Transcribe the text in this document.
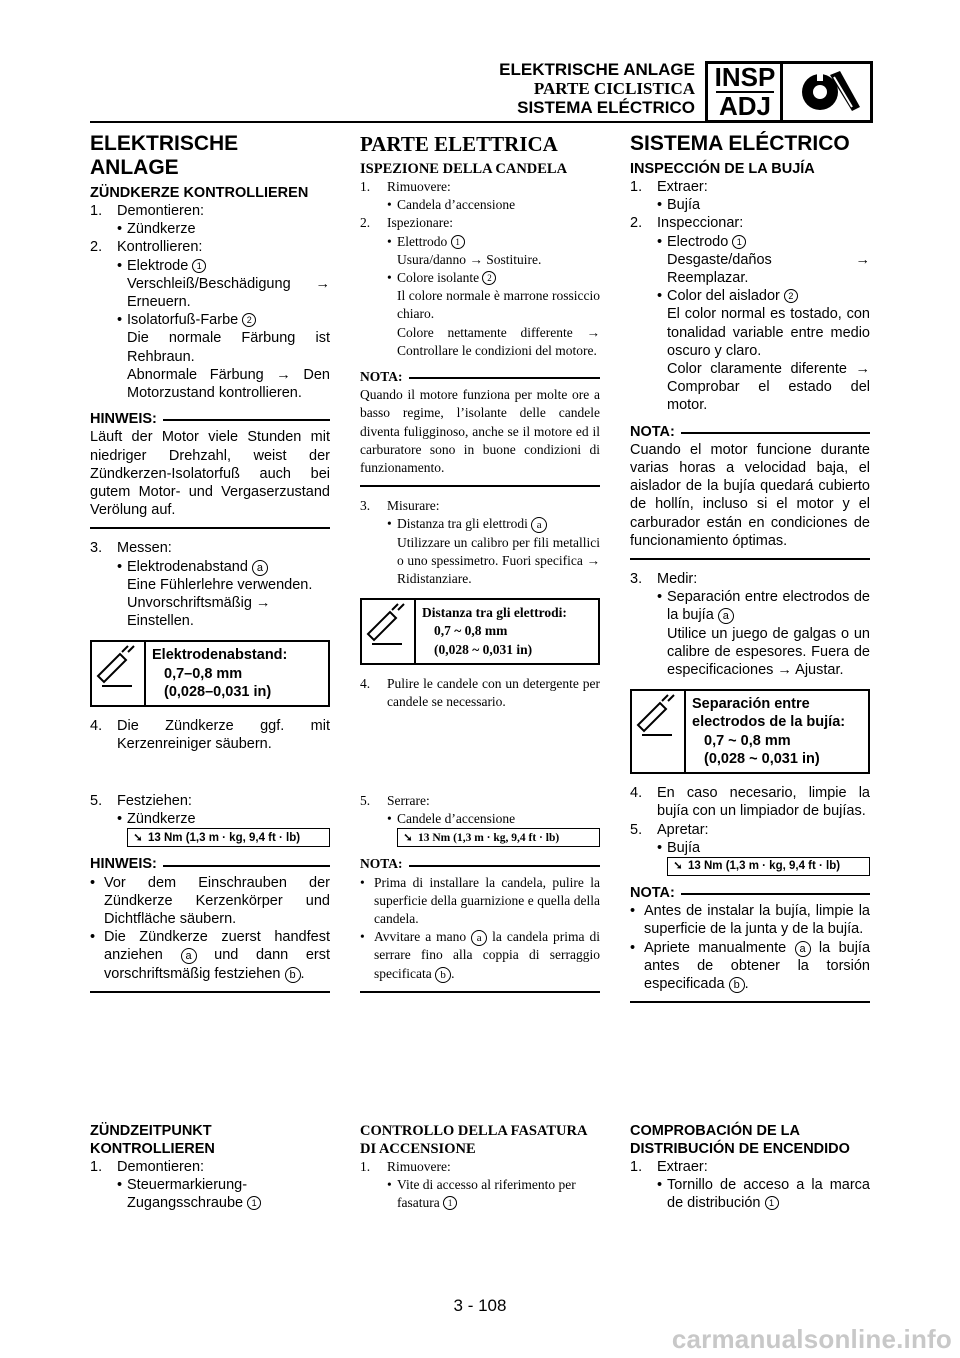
ELEKTRISCHE ANLAGE
PARTE CICLISTICA
SISTEMA ELÉCTRICO
INSP
ADJ
ELEKTRISCHE ANLAGE
ZÜNDKERZE KONTROLLIEREN
1.	Demontieren:
• Zündkerze
2.	Kontrollieren:
• Elektrode 1
Verschleiß/Beschädigung → Erneuern.
• Isolatorfuß-Farbe 2
Die normale Färbung ist Rehbraun.
Abnormale Färbung → Den Motorzustand kontrollieren.
HINWEIS:
Läuft der Motor viele Stunden mit niedriger Drehzahl, weist der Zündkerzen-Isolatorfuß auch bei gutem Motor- und Vergaserzustand Verölung auf.
3.	Messen:
• Elektrodenabstand a
Eine Fühlerlehre verwenden. Unvorschriftsmäßig → Einstellen.
Elektrodenabstand:
0,7–0,8 mm
(0,028–0,031 in)
4.	Die Zündkerze ggf. mit Kerzenreiniger säubern.
5.	Festziehen:
• Zündkerze
➘ 13 Nm (1,3 m · kg, 9,4 ft · lb)
HINWEIS:
• Vor dem Einschrauben der Zündkerze Kerzenkörper und Dichtfläche säubern.
• Die Zündkerze zuerst handfest anziehen a und dann erst vorschriftsmäßig festziehen b .
ZÜNDZEITPUNKT
KONTROLLIEREN
1.	Demontieren:
• Steuermarkierung-Zugangsschraube 1
PARTE ELETTRICA
ISPEZIONE DELLA CANDELA
1.	Rimuovere:
• Candela d’accensione
2.	Ispezionare:
• Elettrodo 1
Usura/danno → Sostituire.
• Colore isolante 2
Il colore normale è marrone rossiccio chiaro.
Colore nettamente differente → Controllare le condizioni del motore.
NOTA:
Quando il motore funziona per molte ore a basso regime, l’isolante delle candele diventa fuligginoso, anche se il motore ed il carburatore sono in buone condizioni di funzionamento.
3.	Misurare:
• Distanza tra gli elettrodi a
Utilizzare un calibro per fili metallici o uno spessimetro. Fuori specifica → Ridistanziare.
Distanza tra gli elettrodi:
0,7 ~ 0,8 mm
(0,028 ~ 0,031 in)
4.	Pulire le candele con un detergente per candele se necessario.
5.	Serrare:
• Candele d’accensione
➘ 13 Nm (1,3 m · kg, 9,4 ft · lb)
NOTA:
• Prima di installare la candela, pulire la superficie della guarnizione e quella della candela.
• Avvitare a mano a la candela prima di serrare fino alla coppia di serraggio specificata b .
CONTROLLO DELLA FASATURA
DI ACCENSIONE
1.	Rimuovere:
• Vite di accesso al riferimento per fasatura 1
SISTEMA ELÉCTRICO
INSPECCIÓN DE LA BUJÍA
1.	Extraer:
• Bujía
2.	Inspeccionar:
• Electrodo 1
Desgaste/daños → Reemplazar.
• Color del aislador 2
El color normal es tostado, con tonalidad variable entre medio oscuro y claro.
Color claramente diferente → Comprobar el estado del motor.
NOTA:
Cuando el motor funcione durante varias horas a velocidad baja, el aislador de la bujía quedará cubierto de hollín, incluso si el motor y el carburador están en condiciones de funcionamiento óptimas.
3.	Medir:
• Separación entre electrodos de la bujía a
Utilice un juego de galgas o un calibre de espesores. Fuera de especificaciones → Ajustar.
Separación entre
electrodos de la bujía:
0,7 ~ 0,8 mm
(0,028 ~ 0,031 in)
4.	En caso necesario, limpie la bujía con un limpiador de bujías.
5.	Apretar:
• Bujía
➘ 13 Nm (1,3 m · kg, 9,4 ft · lb)
NOTA:
• Antes de instalar la bujía, limpie la superficie de la junta y de la bujía.
• Apriete manualmente a la bujía antes de obtener la torsión especificada b .
COMPROBACIÓN DE LA
DISTRIBUCIÓN DE ENCENDIDO
1.	Extraer:
• Tornillo de acceso a la marca de distribución 1
3 - 108
carmanualsonline.info
